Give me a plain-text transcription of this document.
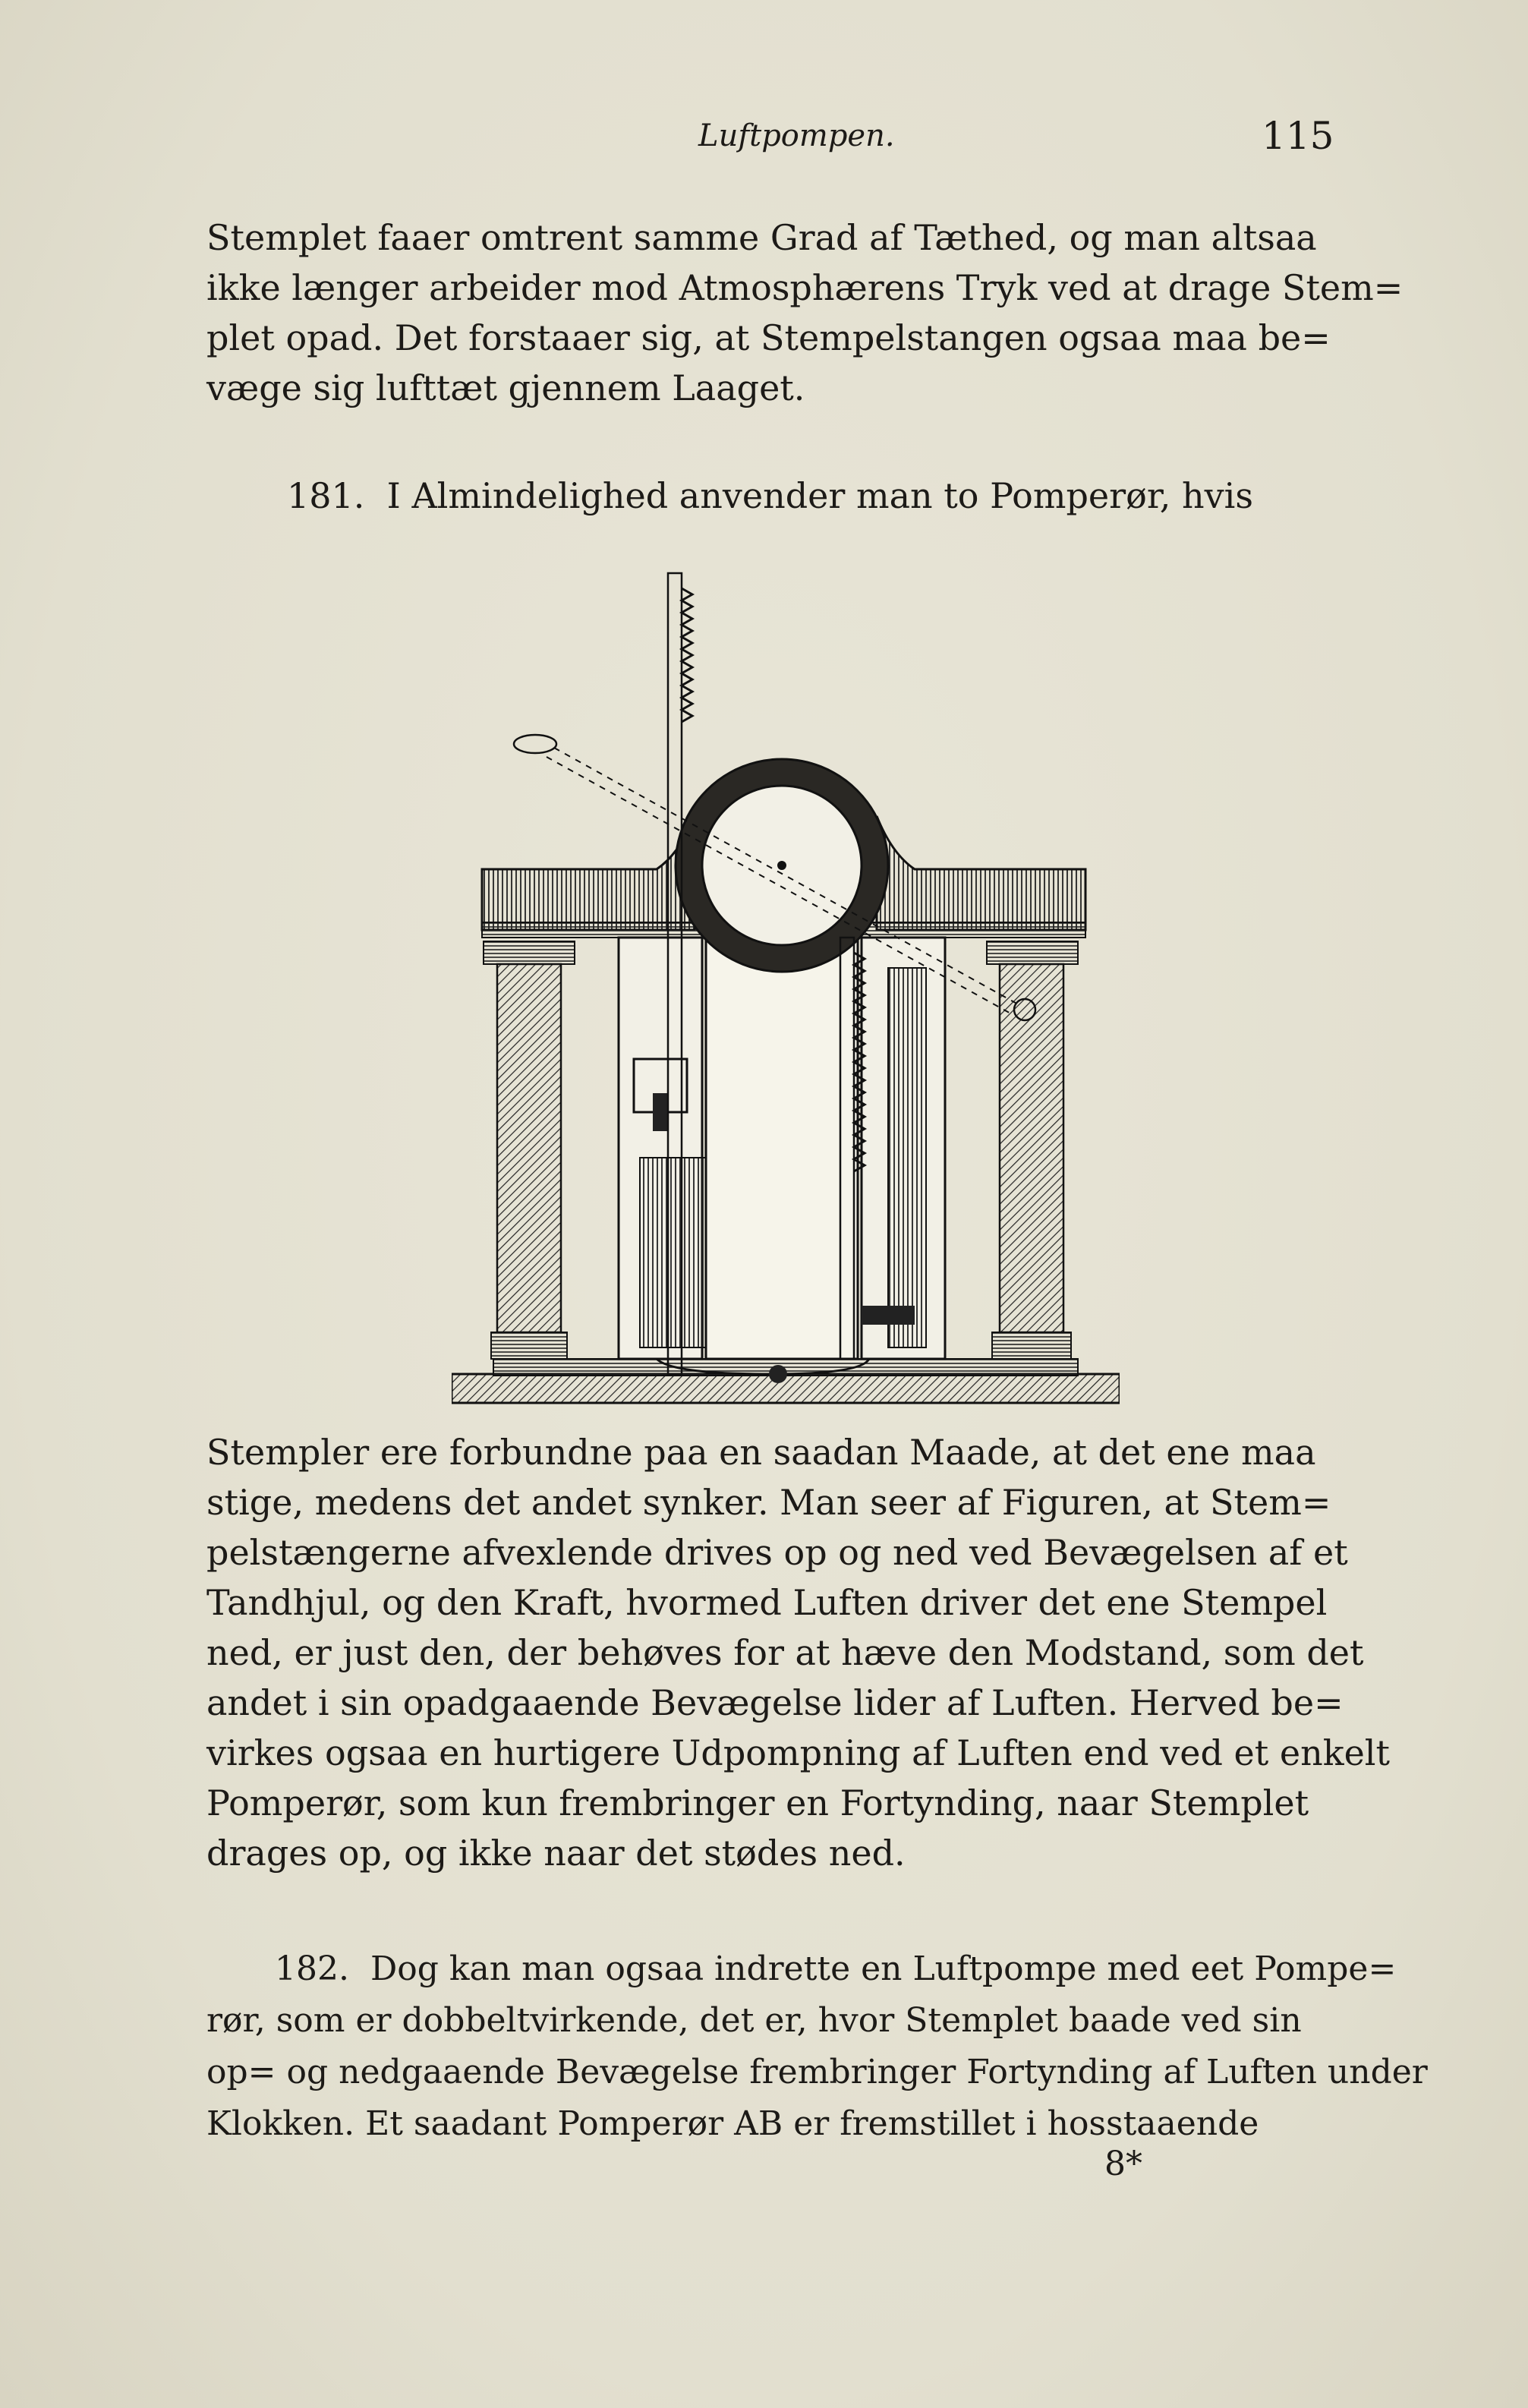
Luftpompen.	115

Stemplet faaer omtrent samme Grad af Tæthed, og man altsaa
ikke længer arbeider mod Atmosphærens Tryk ved at drage Stem=
plet opad. Det forstaaer sig, at Stempelstangen ogsaa maa be=
væge sig lufttæt gjennem Laaget.

181. I Almindelighed anvender man to Pomperør, hvis

Stempler ere forbundne paa en saadan Maade, at det ene maa
stige, medens det andet synker. Man seer af Figuren, at Stem=
pelstængerne afvexlende drives op og ned ved Bevægelsen af et
Tandhjul, og den Kraft, hvormed Luften driver det ene Stempel
ned, er just den, der behøves for at hæve den Modstand, som det
andet i sin opadgaaende Bevægelse lider af Luften. Herved be=
virkes ogsaa en hurtigere Udpompning af Luften end ved et enkelt
Pomperør, som kun frembringer en Fortynding, naar Stemplet
drages op, og ikke naar det stødes ned.

182. Dog kan man ogsaa indrette en Luftpompe med eet Pompe=
rør, som er dobbeltvirkende, det er, hvor Stemplet baade ved sin
op= og nedgaaende Bevægelse frembringer Fortynding af Luften under
Klokken. Et saadant Pomperør AB er fremstillet i hosstaaende

8*
